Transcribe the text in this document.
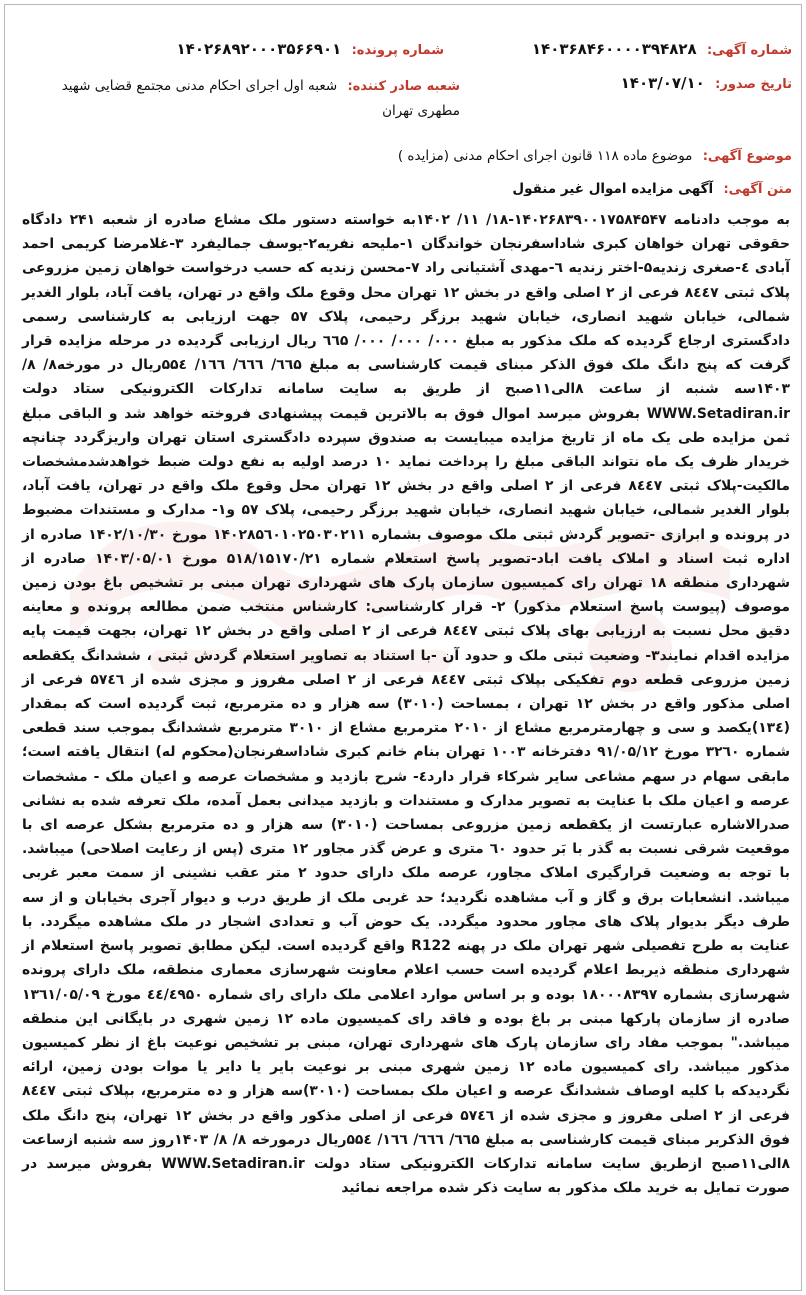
شماره آگهی: ۱۴۰۳۶۸۴۶۰۰۰۰۳۹۴۸۲۸
شماره پرونده: ۱۴۰۲۶۸۹۲۰۰۰۳۵۶۶۹۰۱
تاریخ صدور: ۱۴۰۳/۰۷/۱۰
شعبه صادر کننده: شعبه اول اجرای احکام مدنی مجتمع قضایی شهید مطهری تهران
موضوع آگهی: موضوع ماده ۱۱۸ قانون اجرای احکام مدنی (مزایده )
متن آگهی: آگهی مزایده اموال غیر منقول
به موجب دادنامه ۱۴۰۲۶۸۳۹۰۰۱۷۵۸۴۵۴۷-۱۸/ ۱۱/ ۱۴۰۲به خواسته دستور ملک مشاع صادره از شعبه ۲۴۱ دادگاه حقوقی تهران خواهان کبری شاداسفرنجان خواندگان ۱-ملیحه نفریه۲-یوسف جمالیفرد ۳-غلامرضا کریمی احمد آبادی ٤-صغری زندیه۵-اختر زندیه ٦-مهدی آشتیانی راد ۷-محسن زندیه که حسب درخواست خواهان زمین مزروعی پلاک ثبتی ۸٤٤۷ فرعی از ۲ اصلی واقع در بخش ۱۲ تهران محل وقوع ملک واقع در تهران، یافت آباد، بلوار الغدیر شمالی، خیابان شهید انصاری، خیابان شهید برزگر رحیمی، پلاک ۵۷ جهت ارزیابی به کارشناسی رسمی دادگستری ارجاع گردیده که ملک مذکور به مبلغ ۰۰۰/ ۰۰۰/ ۰۰۰/ ٦٦۵ ریال ارزیابی گردیده در مرحله مزایده قرار گرفت که پنج دانگ ملک فوق الذکر مبنای قیمت کارشناسی به مبلغ ٦٦۵/ ٦٦٦/ ١٦٦/ ۵۵٤ریال در مورخه۸/ ۸/ ۱۴۰۳سه شنبه از ساعت ۸الی۱۱صبح از طریق به سایت سامانه تدارکات الکترونیکی ستاد دولت WWW.Setadiran.ir بفروش میرسد اموال فوق به بالاترین قیمت پیشنهادی فروخته خواهد شد و الباقی مبلغ ثمن مزایده طی یک ماه از تاریخ مزایده میبایست به صندوق سپرده دادگستری استان تهران واریزگردد چنانچه خریدار ظرف یک ماه نتواند الباقی مبلغ را پرداخت نماید ۱۰ درصد اولیه به نفع دولت ضبط خواهدشدمشخصات مالکیت-پلاک ثبتی ۸٤٤۷ فرعی از ۲ اصلی واقع در بخش ۱۲ تهران محل وقوع ملک واقع در تهران، یافت آباد، بلوار الغدیر شمالی، خیابان شهید انصاری، خیابان شهید برزگر رحیمی، پلاک ۵۷ و۱- مدارک و مستندات مضبوط در پرونده و ابرازی -تصویر گردش ثبتی ملک موصوف بشماره ۱۴۰۲۸۵٦۰۱۰۲۵۰۳۰۲۱۱ مورخ ۱۴۰۲/۱۰/۳۰ صادره از اداره ثبت اسناد و املاک یافت اباد-تصویر پاسخ استعلام شماره ۵۱۸/۱۵۱۷۰/۲۱ مورخ ۱۴۰۳/۰۵/۰۱ صادره از شهرداری منطقه ۱۸ تهران رای کمیسیون سازمان پارک های شهرداری تهران مبنی بر تشخیص باغ بودن زمین موصوف (پیوست پاسخ استعلام مذکور) ۲- قرار کارشناسی: کارشناس منتخب ضمن مطالعه پرونده و معاینه دقیق محل نسبت به ارزیابی بهای پلاک ثبتی ۸٤٤۷ فرعی از ۲ اصلی واقع در بخش ۱۲ تهران، بجهت قیمت پایه مزایده اقدام نمایند۳- وضعیت ثبتی ملک و حدود آن -با استناد به تصاویر استعلام گردش ثبتی ، ششدانگ یکقطعه زمین مزروعی قطعه دوم تفکیکی بپلاک ثبتی ۸٤٤۷ فرعی از ۲ اصلی مفروز و مجزی شده از ۵۷٤٦ فرعی از اصلی مذکور واقع در بخش ۱۲ تهران ، بمساحت (۳۰۱۰) سه هزار و ده مترمربع، ثبت گردیده است که بمقدار (۱۳٤)یکصد و سی و چهارمترمربع مشاع از ۲۰۱۰ مترمربع مشاع از ۳۰۱۰ مترمربع ششدانگ بموجب سند قطعی شماره ۳۲٦۰ مورخ ۹۱/۰۵/۱۲ دفترخانه ۱۰۰۳ تهران بنام خانم کبری شاداسفرنجان(محکوم له) انتقال یافته است؛ مابقی سهام در سهم مشاعی سایر شرکاء قرار دارد٤- شرح بازدید و مشخصات عرصه و اعیان ملک - مشخصات عرصه و اعیان ملک با عنایت به تصویر مدارک و مستندات و بازدید میدانی بعمل آمده، ملک تعرفه شده به نشانی صدرالاشاره عبارتست از یکقطعه زمین مزروعی بمساحت (۳۰۱۰) سه هزار و ده مترمربع بشکل عرصه ای با موقعیت شرقی نسبت به گذر با بَر حدود ٦۰ متری و عرض گذر مجاور ۱۲ متری (پس از رعایت اصلاحی) میباشد. با توجه به وضعیت قرارگیری املاک مجاور، عرصه ملک دارای حدود ۲ متر عقب نشینی از سمت معبر غربی میباشد. انشعابات برق و گاز و آب مشاهده نگردید؛ حد غربی ملک از طریق درب و دیوار آجری بخیابان و از سه طرف دیگر بدیوار پلاک های مجاور محدود میگردد. یک حوض آب و تعدادی اشجار در ملک مشاهده میگردد. با عنایت به طرح تفصیلی شهر تهران ملک در پهنه R122 واقع گردیده است. لیکن مطابق تصویر پاسخ استعلام از شهرداری منطقه ذیربط اعلام گردیده است حسب اعلام معاونت شهرسازی معماری منطقه، ملک دارای پرونده شهرسازی بشماره ۱۸۰۰۰۸۳۹۷ بوده و بر اساس موارد اعلامی ملک دارای رای شماره ٤٤/٤۹۵۰ مورخ ۱۳٦۱/۰۵/۰۹ صادره از سازمان پارکها مبنی بر باغ بوده و فاقد رای کمیسیون ماده ۱۲ زمین شهری در بایگانی این منطقه میباشد." بموجب مفاد رای سازمان پارک های شهرداری تهران، مبنی بر تشخیص نوعیت باغ از نظر کمیسیون مذکور میباشد. رای کمیسیون ماده ۱۲ زمین شهری مبنی بر نوعیت بایر یا دایر یا موات بودن زمین، ارائه نگردیدکه با کلیه اوصاف ششدانگ عرصه و اعیان ملک بمساحت (۳۰۱۰)سه هزار و ده مترمربع، بپلاک ثبتی ۸٤٤۷ فرعی از ۲ اصلی مفروز و مجزی شده از ۵۷٤٦ فرعی از اصلی مذکور واقع در بخش ۱۲ تهران، پنج دانگ ملک فوق الذکربر مبنای قیمت کارشناسی به مبلغ ٦٦۵/ ٦٦٦/ ١٦٦/ ۵۵٤ریال درمورخه ۸/ ۸/ ۱۴۰۳روز سه شنبه ازساعت ۸الی۱۱صبح ازطریق سایت سامانه تدارکات الکترونیکی ستاد دولت WWW.Setadiran.ir بفروش میرسد در صورت تمایل به خرید ملک مذکور به سایت ذکر شده مراجعه نمائید
